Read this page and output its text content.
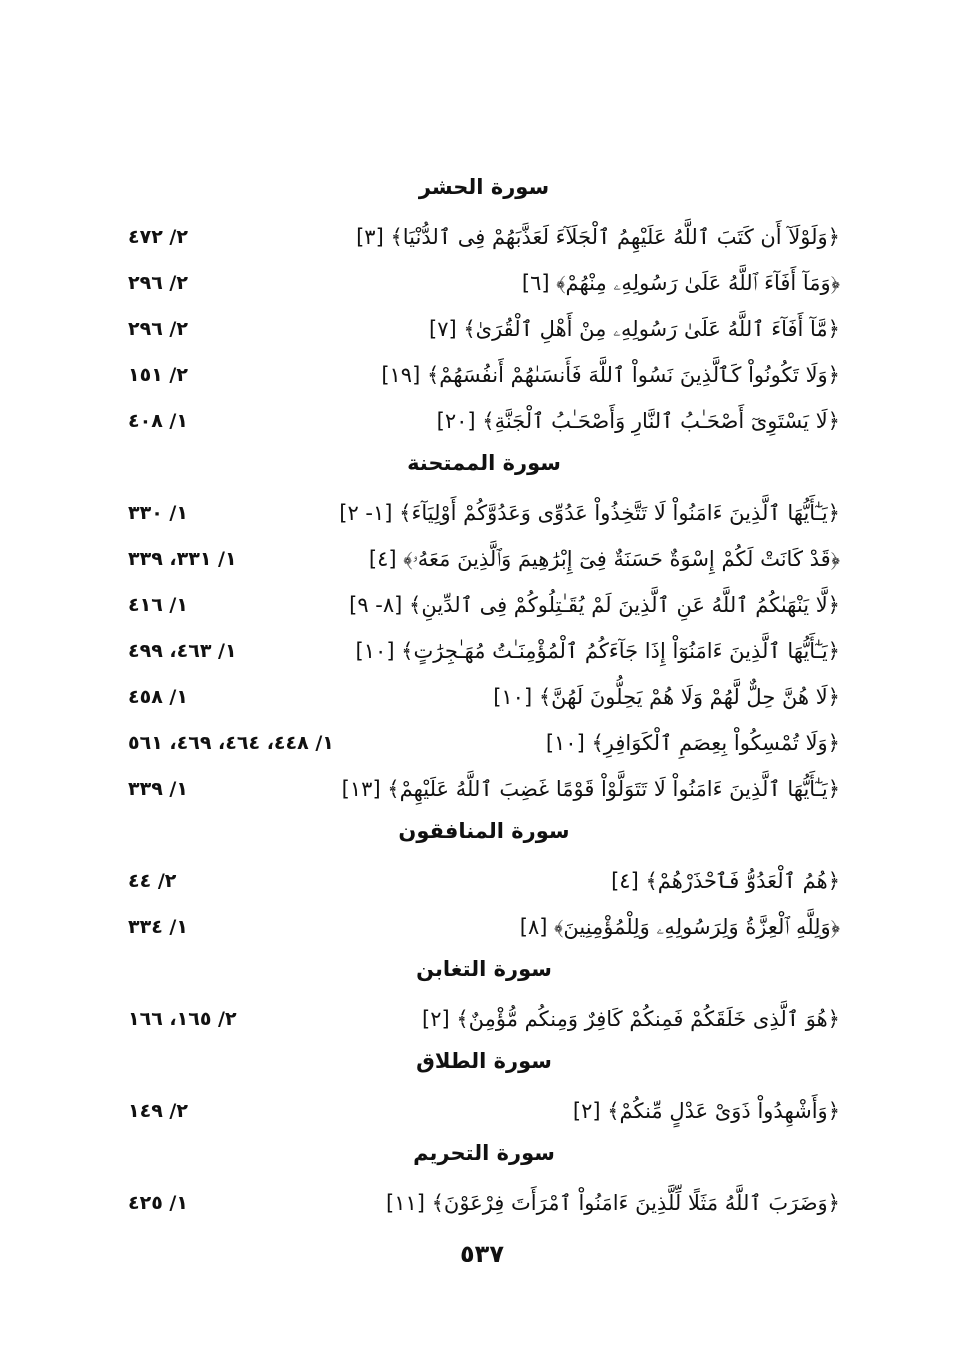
سورة الحشر
﴿وَلَوْلَآ أَن كَتَبَ ٱللَّهُ عَلَيْهِمُ ٱلْجَلَآءَ لَعَذَّبَهُمْ فِى ٱلدُّنْيَا﴾ [٣]
٢/ ٤٧٢
﴿وَمَآ أَفَآءَ ٱللَّهُ عَلَىٰ رَسُولِهِۦ مِنْهُمْ﴾ [٦]
٢/ ٢٩٦
﴿مَّآ أَفَآءَ ٱللَّهُ عَلَىٰ رَسُولِهِۦ مِنْ أَهْلِ ٱلْقُرَىٰ﴾ [٧]
٢/ ٢٩٦
﴿وَلَا تَكُونُواْ كَٱلَّذِينَ نَسُواْ ٱللَّهَ فَأَنسَىٰهُمْ أَنفُسَهُمْ﴾ [١٩]
٢/ ١٥١
﴿لَا يَسْتَوِىٓ أَصْحَـٰبُ ٱلنَّارِ وَأَصْحَـٰبُ ٱلْجَنَّةِ﴾ [٢٠]
١/ ٤٠٨
سورة الممتحنة
﴿يَـٰٓأَيُّهَا ٱلَّذِينَ ءَامَنُواْ لَا تَتَّخِذُواْ عَدُوِّى وَعَدُوَّكُمْ أَوْلِيَآءَ﴾ [١- ٢]
١/ ٣٣٠
﴿قَدْ كَانَتْ لَكُمْ إِسْوَةٌ حَسَنَةٌ فِىٓ إِبْرَٰهِيمَ وَٱلَّذِينَ مَعَهُۥ﴾ [٤]
١/ ٣٣١، ٣٣٩
﴿لَّا يَنْهَىٰكُمُ ٱللَّهُ عَنِ ٱلَّذِينَ لَمْ يُقَـٰتِلُوكُمْ فِى ٱلدِّينِ﴾ [٨- ٩]
١/ ٤١٦
﴿يَـٰٓأَيُّهَا ٱلَّذِينَ ءَامَنُوٓاْ إِذَا جَآءَكُمُ ٱلْمُؤْمِنَـٰتُ مُهَـٰجِرَٰتٍ﴾ [١٠]
١/ ٤٦٣، ٤٩٩
﴿لَا هُنَّ حِلٌّ لَّهُمْ وَلَا هُمْ يَحِلُّونَ لَهُنَّ﴾ [١٠]
١/ ٤٥٨
﴿وَلَا تُمْسِكُواْ بِعِصَمِ ٱلْكَوَافِرِ﴾ [١٠]
١/ ٤٤٨، ٤٦٤، ٤٦٩، ٥٦١
﴿يَـٰٓأَيُّهَا ٱلَّذِينَ ءَامَنُواْ لَا تَتَوَلَّوْاْ قَوْمًا غَضِبَ ٱللَّهُ عَلَيْهِمْ﴾ [١٣]
١/ ٣٣٩
سورة المنافقون
﴿هُمُ ٱلْعَدُوُّ فَٱحْذَرْهُمْ﴾ [٤]
٢/ ٤٤
﴿وَلِلَّهِ ٱلْعِزَّةُ وَلِرَسُولِهِۦ وَلِلْمُؤْمِنِينَ﴾ [٨]
١/ ٣٣٤
سورة التغابن
﴿هُوَ ٱلَّذِى خَلَقَكُمْ فَمِنكُمْ كَافِرٌ وَمِنكُم مُّؤْمِنٌ﴾ [٢]
٢/ ١٦٥، ١٦٦
سورة الطلاق
﴿وَأَشْهِدُواْ ذَوَىْ عَدْلٍ مِّنكُمْ﴾ [٢]
٢/ ١٤٩
سورة التحريم
﴿وَضَرَبَ ٱللَّهُ مَثَلًا لِّلَّذِينَ ءَامَنُواْ ٱمْرَأَتَ فِرْعَوْنَ﴾ [١١]
١/ ٤٢٥
٥٣٧
